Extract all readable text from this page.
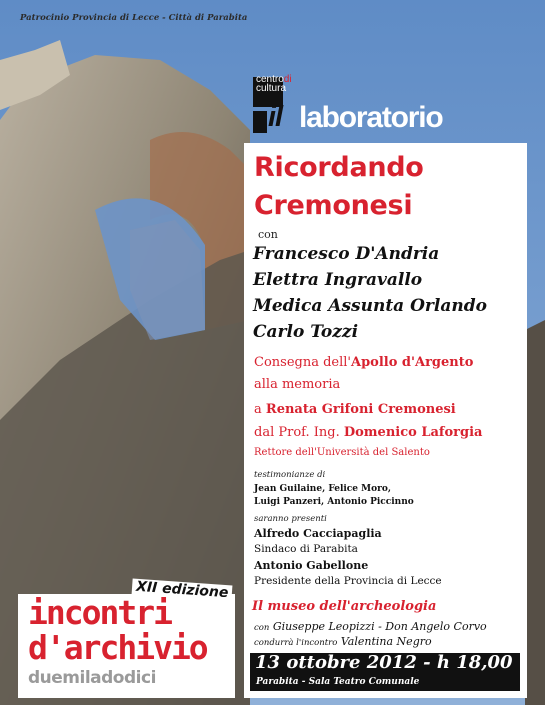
Patrocinio Provincia di Lecce - Città di Parabita
centrodi
cultura
il laboratorio
Ricordando
Cremonesi
con
Francesco D'Andria
Elettra Ingravallo
Medica Assunta Orlando
Carlo Tozzi
Consegna dell'Apollo d'Argento
alla memoria
a Renata Grifoni Cremonesi
dal Prof. Ing. Domenico Laforgia
Rettore dell'Università del Salento
testimonianze di
Jean Guilaine, Felice Moro,
Luigi Panzeri, Antonio Piccinno
saranno presenti
Alfredo Cacciapaglia
Sindaco di Parabita
Antonio Gabellone
Presidente della Provincia di Lecce
Il museo dell'archeologia
con Giuseppe Leopizzi - Don Angelo Corvo
condurrà l'incontro Valentina Negro
13 ottobre 2012 - h 18,00
Parabita - Sala Teatro Comunale
XII edizione
incontri
d'archivio
duemiladodici
